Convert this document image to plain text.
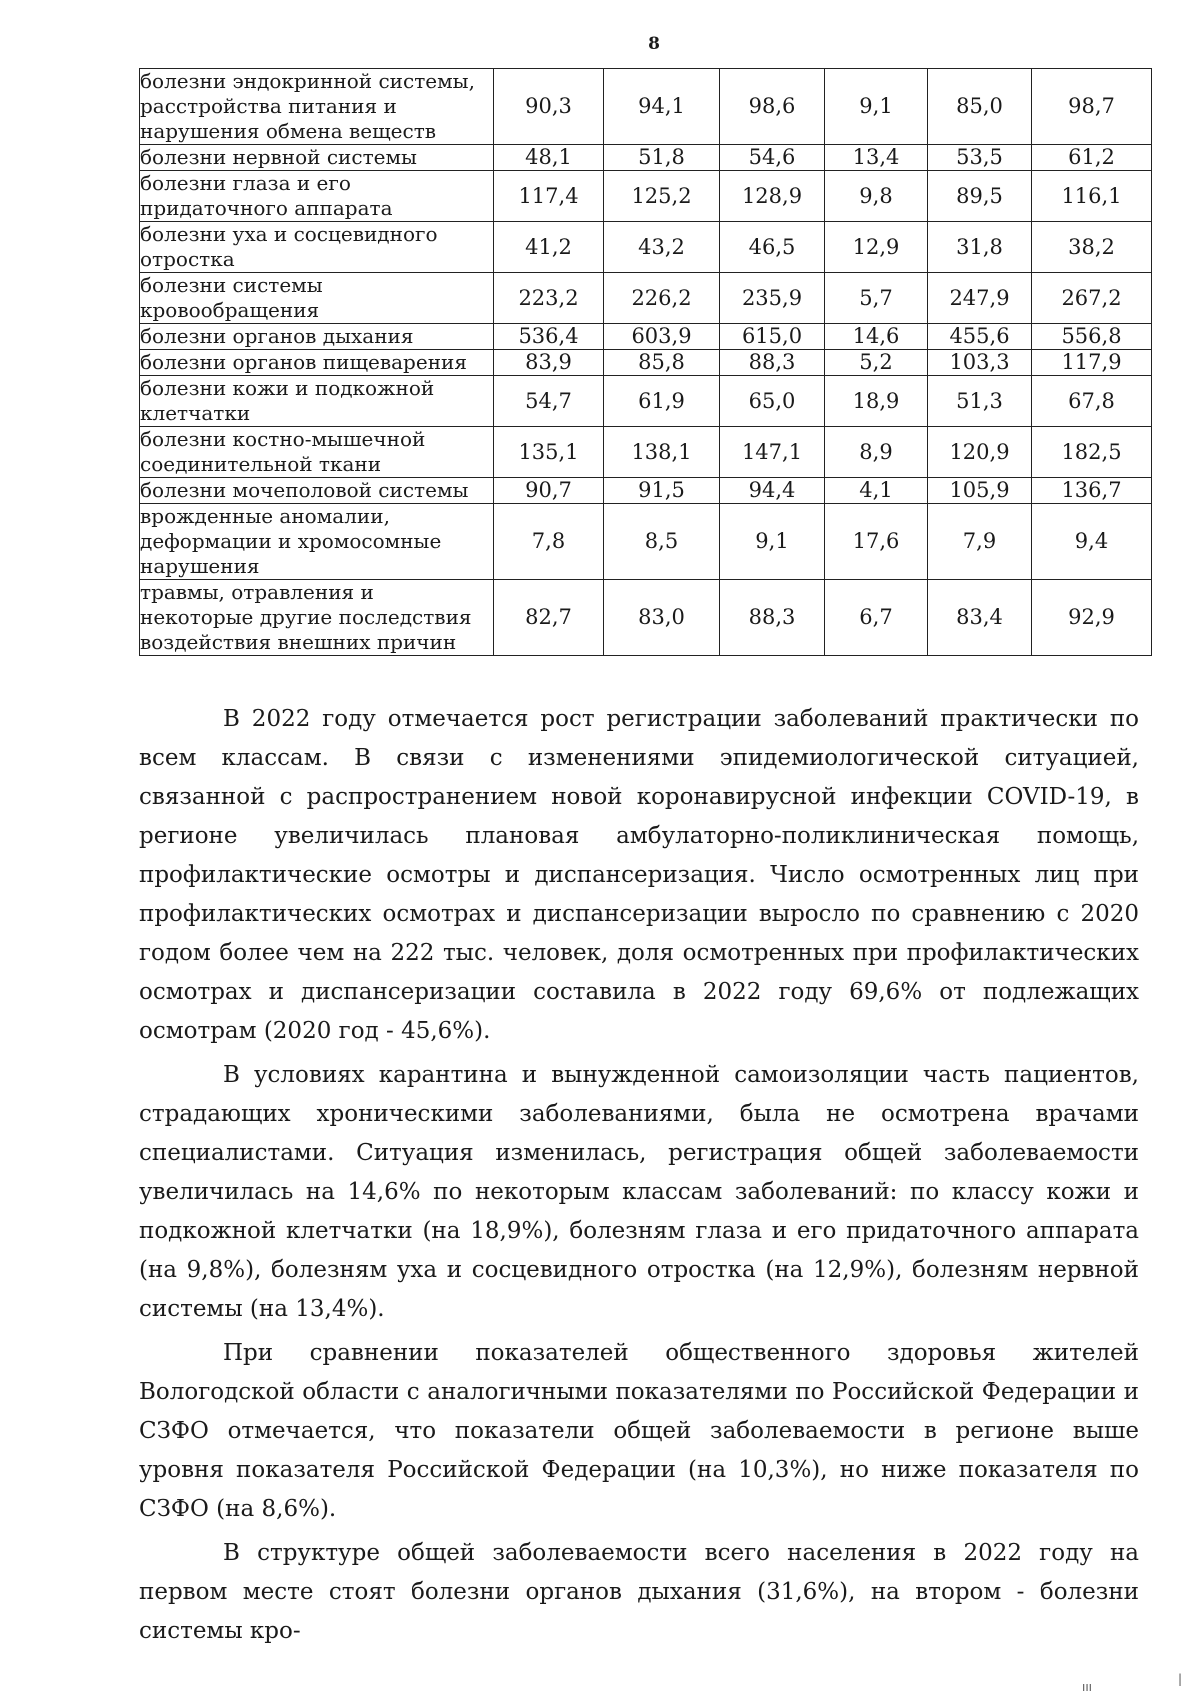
8
болезни эндокринной системы, расстройства питания и нарушения обмена веществ	90,3	94,1	98,6	9,1	85,0	98,7
болезни нервной системы	48,1	51,8	54,6	13,4	53,5	61,2
болезни глаза и его придаточного аппарата	117,4	125,2	128,9	9,8	89,5	116,1
болезни уха и сосцевидного отростка	41,2	43,2	46,5	12,9	31,8	38,2
болезни системы кровообращения	223,2	226,2	235,9	5,7	247,9	267,2
болезни органов дыхания	536,4	603,9	615,0	14,6	455,6	556,8
болезни органов пищеварения	83,9	85,8	88,3	5,2	103,3	117,9
болезни кожи и подкожной клетчатки	54,7	61,9	65,0	18,9	51,3	67,8
болезни костно-мышечной соединительной ткани	135,1	138,1	147,1	8,9	120,9	182,5
болезни мочеполовой системы	90,7	91,5	94,4	4,1	105,9	136,7
врожденные аномалии, деформации и хромосомные нарушения	7,8	8,5	9,1	17,6	7,9	9,4
травмы, отравления и некоторые другие последствия воздействия внешних причин	82,7	83,0	88,3	6,7	83,4	92,9

В 2022 году отмечается рост регистрации заболеваний практически по всем классам. В связи с изменениями эпидемиологической ситуацией, связанной с распространением новой коронавирусной инфекции COVID-19, в регионе увеличилась плановая амбулаторно-поликлиническая помощь, профилактические осмотры и диспансеризация. Число осмотренных лиц при профилактических осмотрах и диспансеризации выросло по сравнению с 2020 годом более чем на 222 тыс. человек, доля осмотренных при профилактических осмотрах и диспансеризации составила в 2022 году 69,6% от подлежащих осмотрам (2020 год - 45,6%).

В условиях карантина и вынужденной самоизоляции часть пациентов, страдающих хроническими заболеваниями, была не осмотрена врачами специалистами. Ситуация изменилась, регистрация общей заболеваемости увеличилась на 14,6% по некоторым классам заболеваний: по классу кожи и подкожной клетчатки (на 18,9%), болезням глаза и его придаточного аппарата (на 9,8%), болезням уха и сосцевидного отростка (на 12,9%), болезням нервной системы (на 13,4%).

При сравнении показателей общественного здоровья жителей Вологодской области с аналогичными показателями по Российской Федерации и СЗФО отмечается, что показатели общей заболеваемости в регионе выше уровня показателя Российской Федерации (на 10,3%), но ниже показателя по СЗФО (на 8,6%).

В структуре общей заболеваемости всего населения в 2022 году на первом месте стоят болезни органов дыхания (31,6%), на втором - болезни системы кро-

ııı
|
